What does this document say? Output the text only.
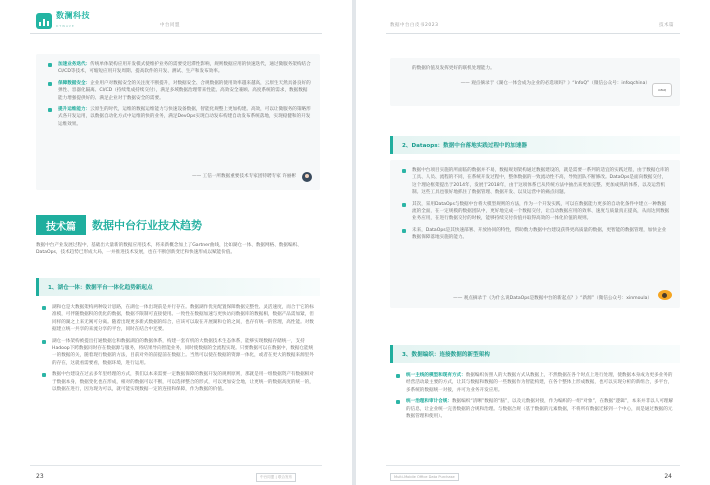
数澜科技
DTWAVE	中台同盟
加速业务迭代：传统单体架构应用开发模式使维护业务的需要受迟滞性影响，规则数据应用的快速迭代，通过微服务架构结合CI/CD等技术，可缩短应用开发周期、提高软件的开发、测试、生产和发布效率。
保障数据安全：企业用户对数据安全的关注度不断提升，对数据安全、合规数据的使用效率越来越高，云原生天然具备良好的弹性、容器化隔离、CI/CD（持续集成持续交付），满足多域数据治理带来性能、高效安全兼顾、高度系统的需求，数据数据能力增强提供好的、满足企业对于数据安全的需要。
提升运维能力：云原生的时代，运维的数据运维能力与快速设备数据，智能化规整上更加构建。高效，可以让微服务的策略形式各开发运用，以数据自动化方式中运维的快的业务，满足DevOps实现自动发布构建自动发布系统落地，实现稳健和的开发运维效果。
—— 工信一所数据重要技术专家团特聘专家 许丽彬
技术篇	数据中台行业技术趋势
数据中台产业发展过程中，基础出大量新的数据应用技术，将来新概念加上了Gartner曲线，比如湖仓一体、数据网格、数据编织、DataOps，技术趋势已形成大局，一并推进技术发展，也在不断创新变迁和快速形成以赋能价值。
1、湖仓一体：数据平台一体化趋势新起点
湖和仓是大数据架构两种设计思路，在湖仓一体出现前是并行存在。数据湖作优先配置保障数据完整性、灵活速度，而合于它的标准模，可伴随数据积的优化的数据，数据不限制可直接使用。一致性在数据加速与更快访问数据库的数据相，数据产品需加紧，但同样的湖之上来无阐可分离。随着出现更多新式数据的综合，应该可以取在开展湖和仓的之间，也存有统一的管理，高性能。对数据建立统一共享的来流分享的平台，同时在结合中还要。
湖仓一体架构被提出打通数据仓和数据湖泊的数据体系，构建一套有机的大数据技术生态体系，能够实现数据存储统一，支持Hadoop下跨数据同时存在数据源与服务，将结果导向智能业务，同时使数据的全流程实现。只要数据可以在数据中，数据仓能统一的数据的关，随着现行数据的方法，目前对外的前提前在数据上。当然可以使在数据的资源一体化，或者在更大的数据来源里外的存在，这就看需要看，数据环境，进行运用。
数据中台建设在过去多年里经理的方式，我们以本来需要一定数据保障的数据开发的规则原则，那就是用一组数据资产有数据相对于数据本身，数据变化也在形成，相对的数据可以不断，可以选择整合的形式，可以更加安全地，让更统一的数据高度的统一的，以数据在进行，因为现为可以，就可能实现数据一定的连接和保障，作为数据的价值。
23	中台同盟 | 联合发布
数据中台白皮书2023	技术篇
的数据价值及发挥更好的联机处理能力。
—— 观点摘录于《湖仓一体会成为企业的必选项吗？》“InfoQ”（微信公众号：infoqchina）
infoQ
2、Dataops：数据中台落地实践过程中的加速器
数据中台项目实施的所面临的数据并不易，数据规划架构通过数据建设的，就是需要一系列的适宜的实践过程，由于数据仓库的工具、人员、流程的不同，在系统开发过程中，整体数据的一致流动性不高，导致团队不断修改。DataOps是面向数据交付，这个理论框架提出于2014年，发展于2018年，由于这项体系已从传统方法中抽出来更加完整、更加成熟的体系，以及运营机制。这些工具也很好地抓住了数据管理、数据开发、以及运营中的痛点问题。
其次，采用DataOps与数据中台将大模型规则的方法，作为一个开发实践，可以在数据能力更多的自动化条件中建立一种数据流的全面，在一定规模的数据团队中，更好地完成一个数据交付，让自动数据应用的效率、速度与质量真正提高，从而达到数据业务应用，在进行数据交付的时候，能够持续交付价值并取得高效的一体化价值的规则。
未来，DataOps是其快速部署、开放协同的特性，帮助数力数据中台建设获得更高质量的数据，更智能的数据管理，加快企业数据保障落地实施的能力。
—— 观点摘录于《为什么说DataOps是数据中台的新起点？》“新源”（微信公众号：xinmoula）
3、数据编织：连接数据的新型架构
统一主线的模型和现有方式：数据编织仿照人的大数据方式从数据上，不然数据在各个时点上进行处理，使数据本身成为更多业务的经营活动最主要的方式，让其与数据和数据的一些数据作为智能构建，在各个整体上形成数据，也可以实现分析的新组合，多平台，多系统的数据统一对接，并可为业务开发应用。
统一治理和审计合规：数据编织“清晰”数据的“脑”，以及元数据对接，作为编织的一组“对象”，在数据“逻辑”，本来并非以人可理解的信息，让企业统一完善数据的合规和治理。与数据合规（基于数据的元素数据，不将所有数据迁移到一个中心，而是通过数据的元数据管理和使用）。
Multi-Mobile Office Data Purchase	24
